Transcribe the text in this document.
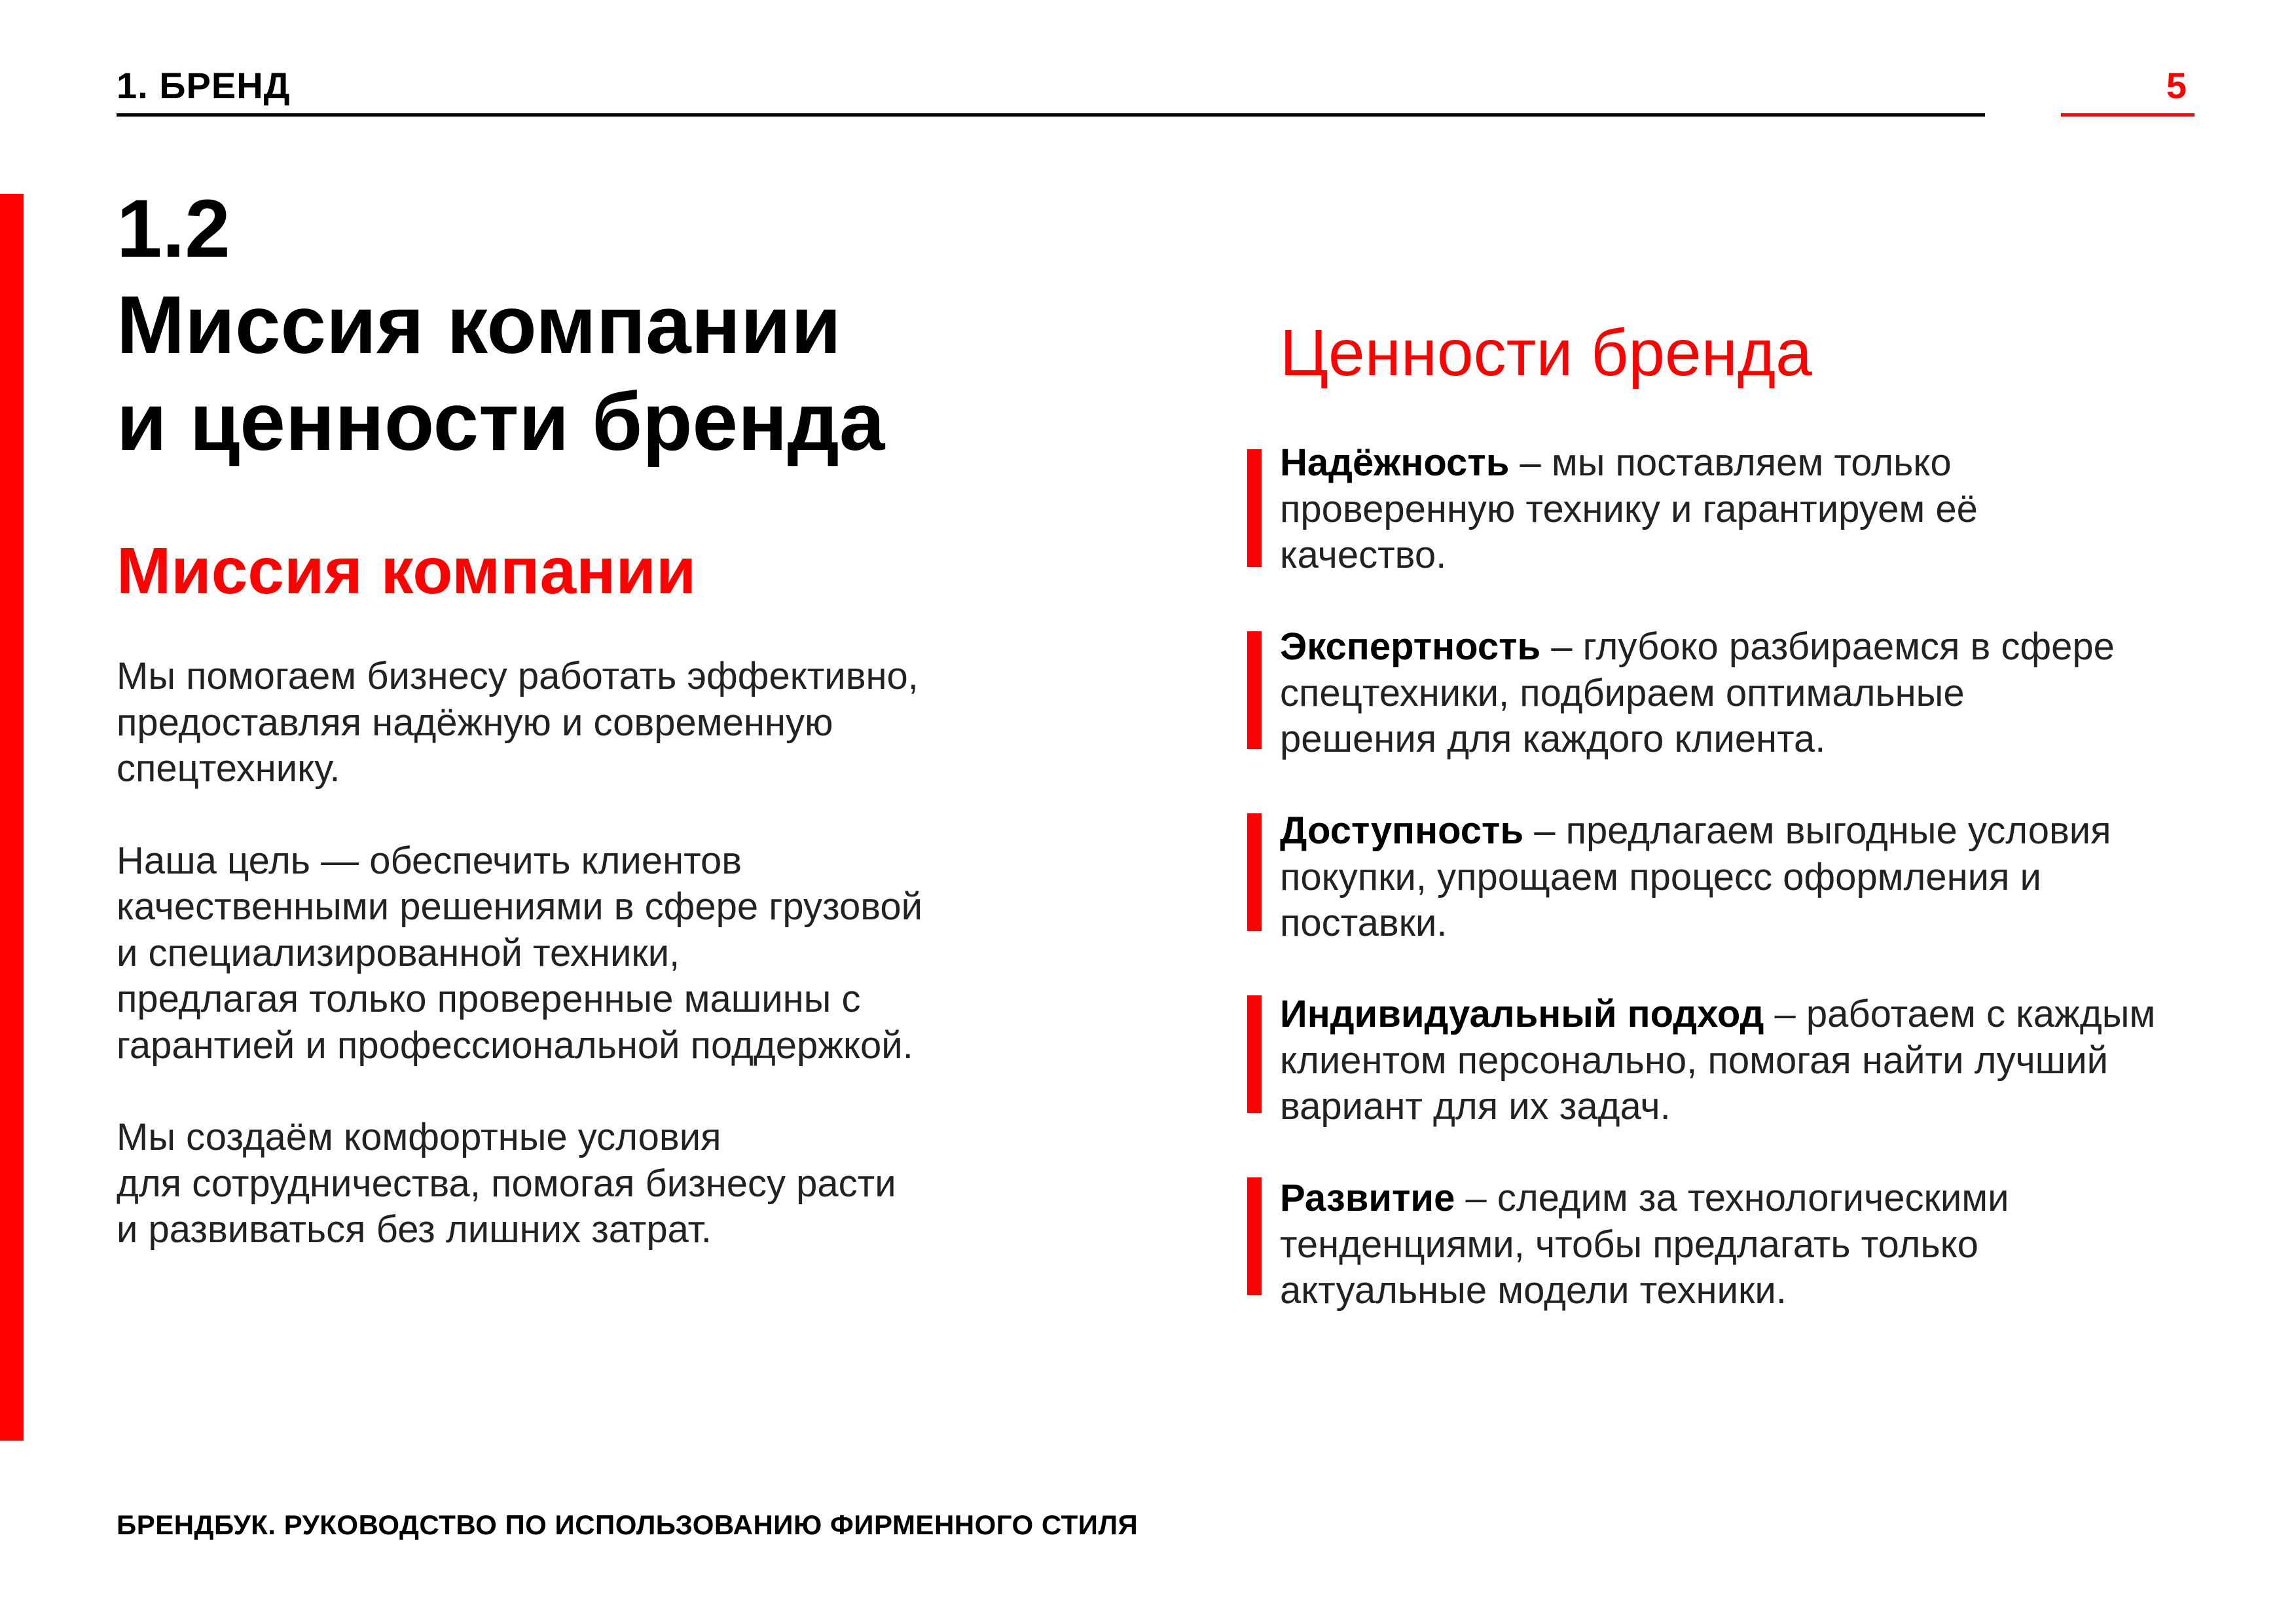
1. БРЕНД	5
1.2
Миссия компании
и ценности бренда
Миссия компании
Мы помогаем бизнесу работать эффективно,
предоставляя надёжную и современную
спецтехнику.
Наша цель — обеспечить клиентов
качественными решениями в сфере грузовой
и специализированной техники,
предлагая только проверенные машины с
гарантией и профессиональной поддержкой.
Мы создаём комфортные условия
для сотрудничества, помогая бизнесу расти
и развиваться без лишних затрат.
Ценности бренда
Надёжность – мы поставляем только
проверенную технику и гарантируем её
качество.
Экспертность – глубоко разбираемся в сфере
спецтехники, подбираем оптимальные
решения для каждого клиента.
Доступность – предлагаем выгодные условия
покупки, упрощаем процесс оформления и
поставки.
Индивидуальный подход – работаем с каждым
клиентом персонально, помогая найти лучший
вариант для их задач.
Развитие – следим за технологическими
тенденциями, чтобы предлагать только
актуальные модели техники.
БРЕНДБУК. РУКОВОДСТВО ПО ИСПОЛЬЗОВАНИЮ ФИРМЕННОГО СТИЛЯ
